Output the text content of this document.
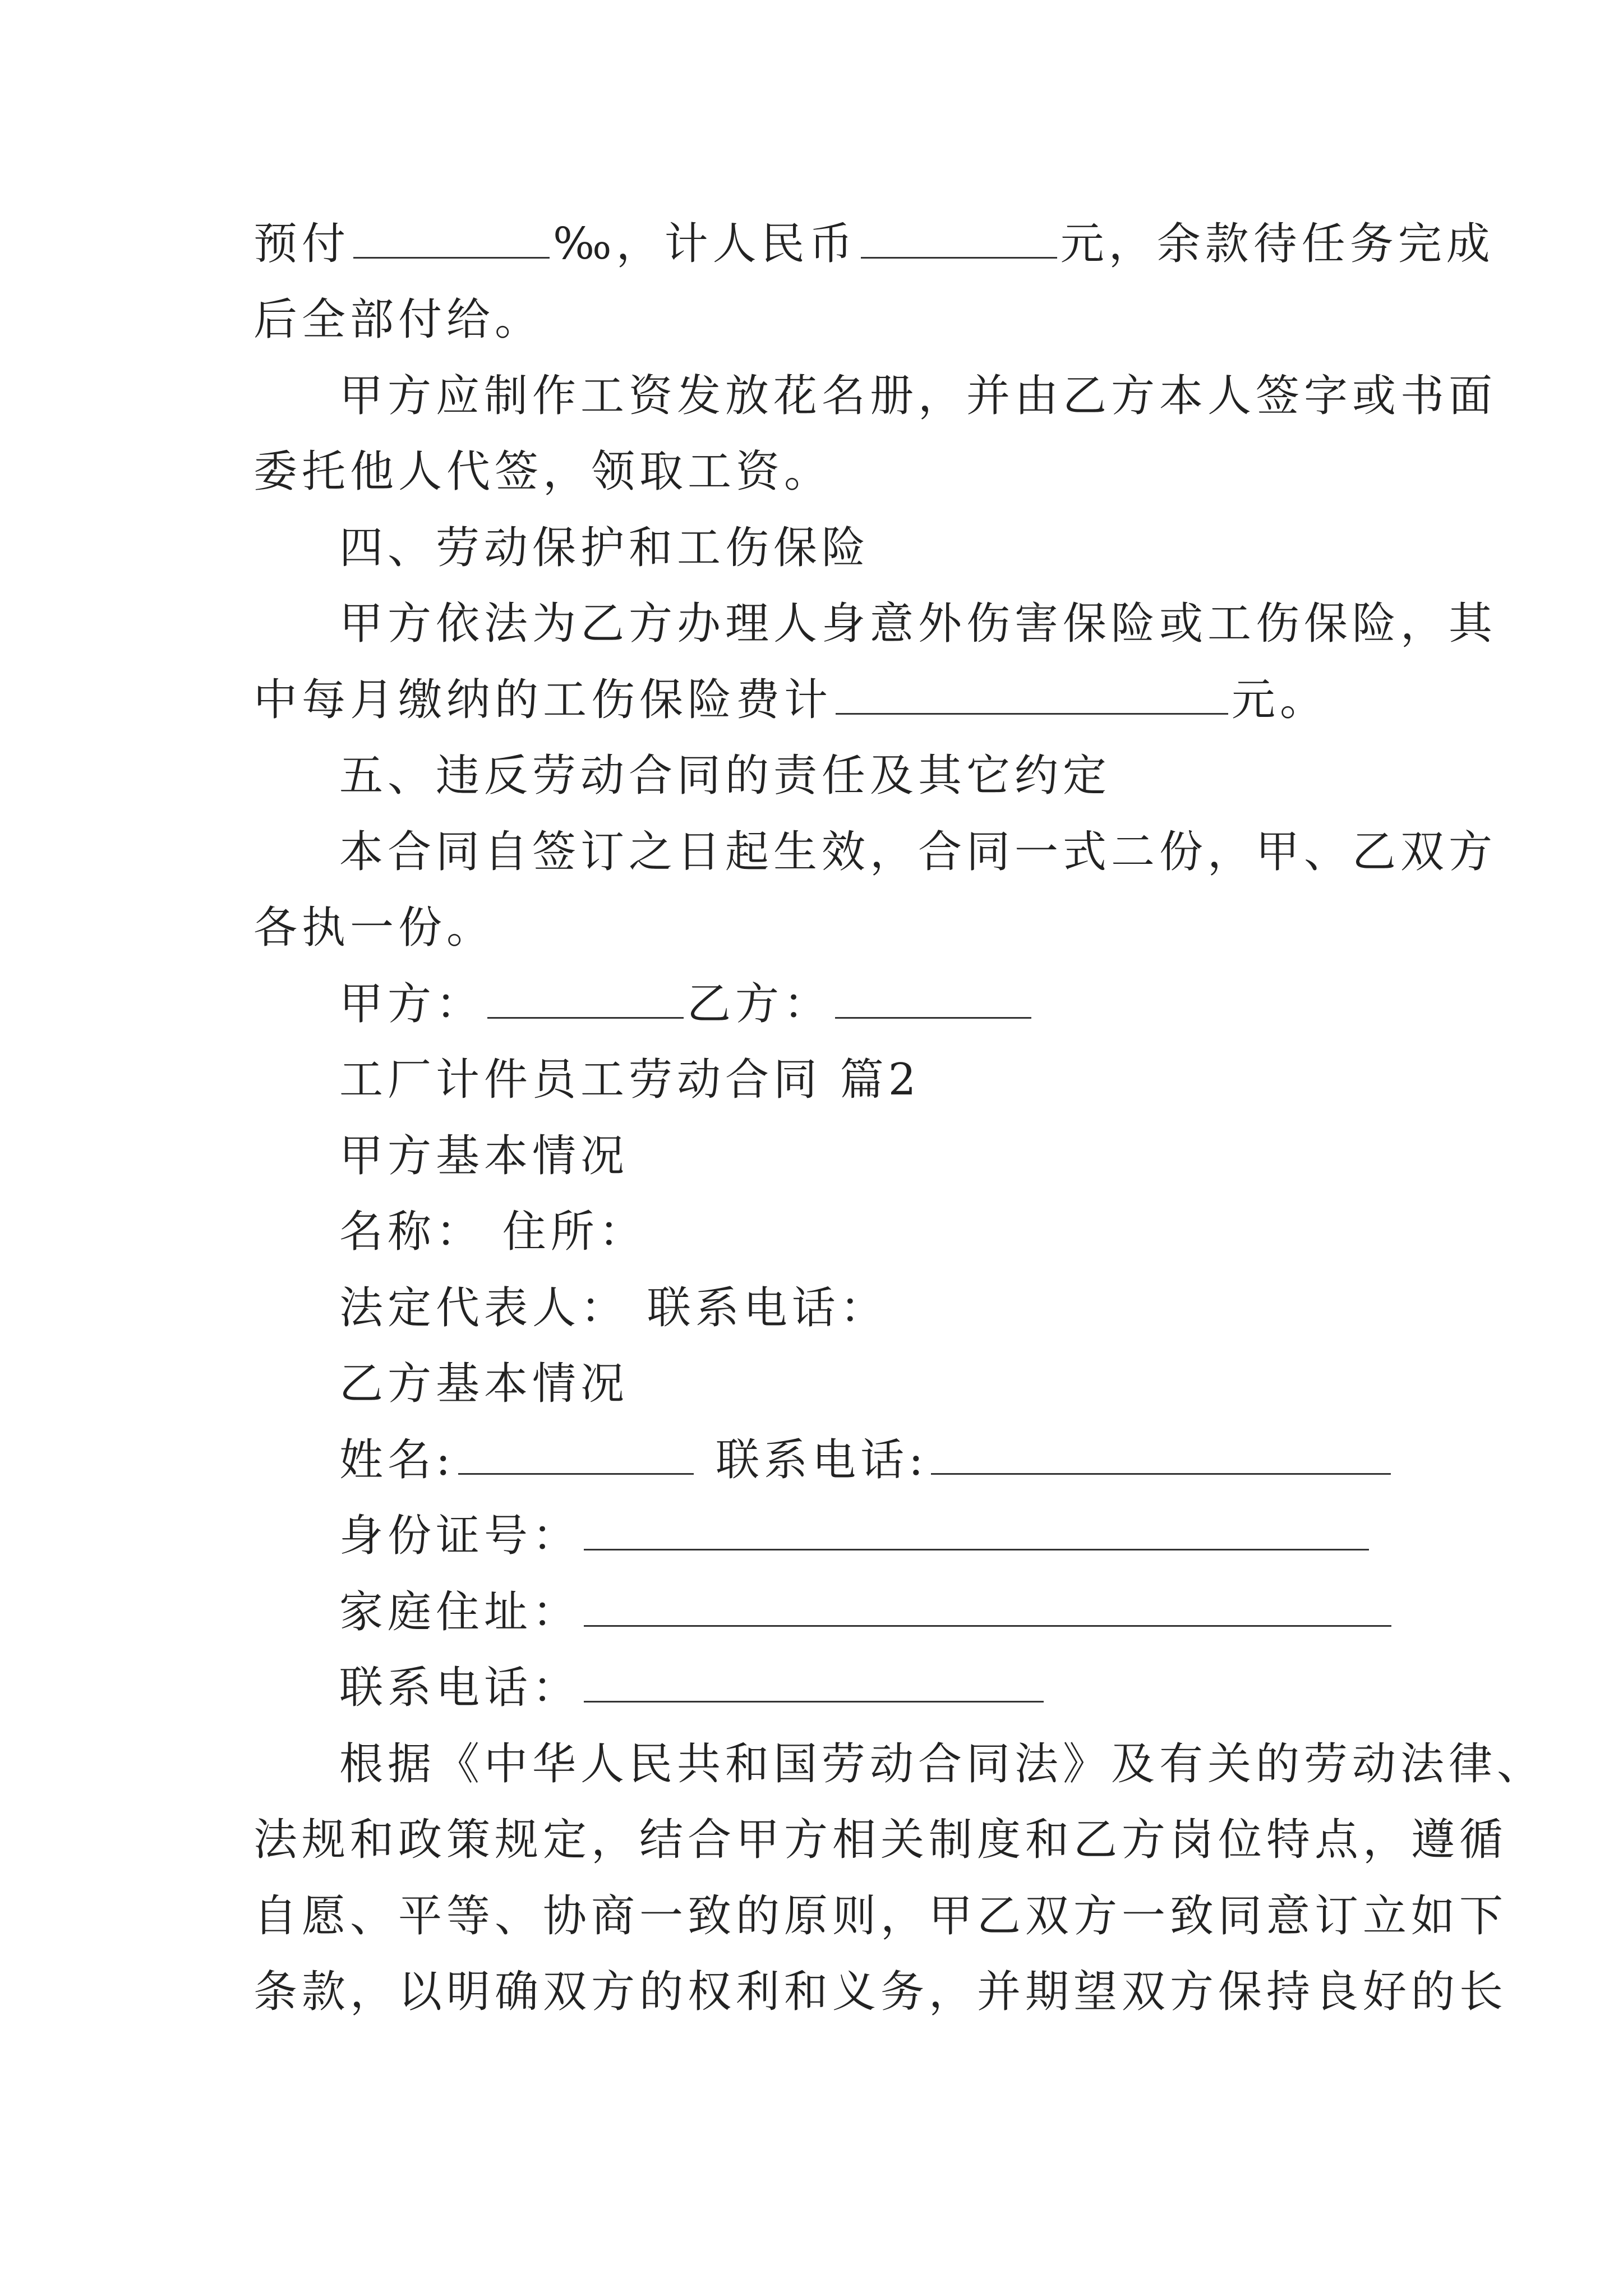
预付	‰，计人民币	元，余款待任务完成
后全部付给。
甲方应制作工资发放花名册，并由乙方本人签字或书面
委托他人代签，领取工资。
四、劳动保护和工伤保险
甲方依法为乙方办理人身意外伤害保险或工伤保险，其
中每月缴纳的工伤保险费计	元。
五、违反劳动合同的责任及其它约定
本合同自签订之日起生效，合同一式二份，甲、乙双方
各执一份。
甲方：	乙方：
工厂计件员工劳动合同 篇2
甲方基本情况
名称： 住所：
法定代表人： 联系电话：
乙方基本情况
姓名:	联系电话:
身份证号：
家庭住址：
联系电话：
根据《中华人民共和国劳动合同法》及有关的劳动法律、
法规和政策规定，结合甲方相关制度和乙方岗位特点，遵循
自愿、平等、协商一致的原则，甲乙双方一致同意订立如下
条款，以明确双方的权利和义务，并期望双方保持良好的长
